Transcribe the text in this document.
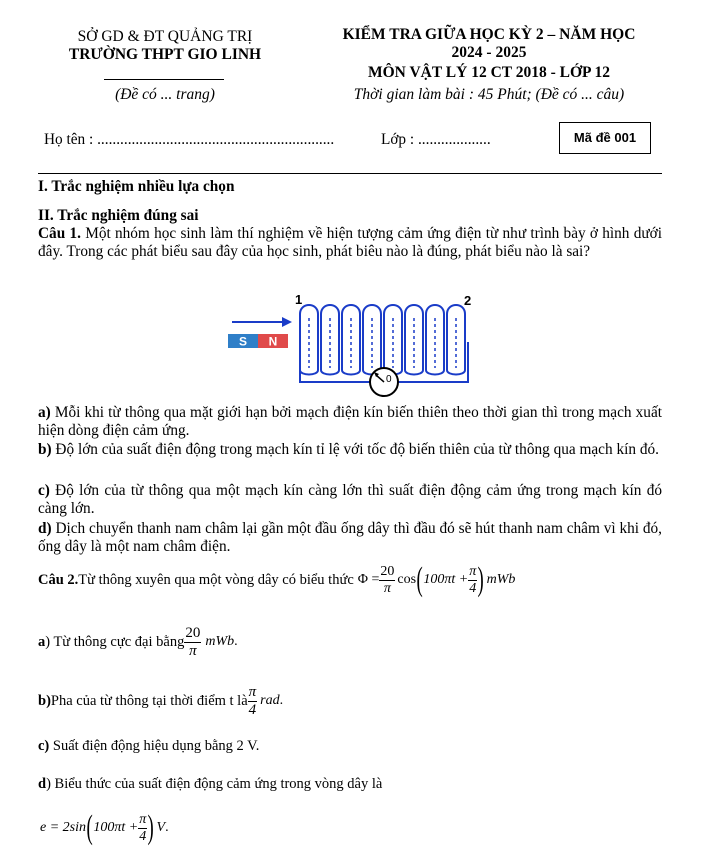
SỞ GD & ĐT QUẢNG TRỊ
TRƯỜNG THPT GIO LINH
(Đề có ... trang)
KIỂM TRA GIỮA HỌC KỲ 2 – NĂM HỌC
2024 - 2025
MÔN VẬT LÝ 12 CT 2018 - LỚP 12
Thời gian làm bài : 45 Phút; (Đề có ... câu)
Họ tên : ..............................................................	Lớp : ...................	Mã đề 001
I. Trắc nghiệm nhiều lựa chọn
II. Trắc nghiệm đúng sai
Câu 1. Một nhóm học sinh làm thí nghiệm về hiện tượng cảm ứng điện từ như trình bày ở hình dưới đây. Trong các phát biểu sau đây của học sinh, phát biêu nào là đúng, phát biểu nào là sai?
S N
1	2
0
a) Mỗi khi từ thông qua mặt giới hạn bởi mạch điện kín biến thiên theo thời gian thì trong mạch xuất hiện dòng điện cảm ứng.
b) Độ lớn của suất điện động trong mạch kín tỉ lệ với tốc độ biến thiên của từ thông qua mạch kín đó.
c) Độ lớn của từ thông qua một mạch kín càng lớn thì suất điện động cảm ứng trong mạch kín đó càng lớn.
d) Dịch chuyển thanh nam châm lại gần một đầu ống dây thì đầu đó sẽ hút thanh nam châm vì khi đó, ống dây là một nam châm điện.
Câu 2. Từ thông xuyên qua một vòng dây có biểu thức $\Phi = \frac{20}{\pi}$ cos ( $100\pi t + \frac{\pi}{4}$ ) mWb
a ) Từ thông cực đại bằng $\frac{20}{\pi}$ mWb .
b) Pha của từ thông tại thời điểm t là $\frac{\pi}{4}$ rad .
c) Suất điện động hiệu dụng bằng 2 V.
d) Biểu thức của suất điện động cảm ứng trong vòng dây là
e = 2sin ( $100\pi t + \frac{\pi}{4}$ ) V .
